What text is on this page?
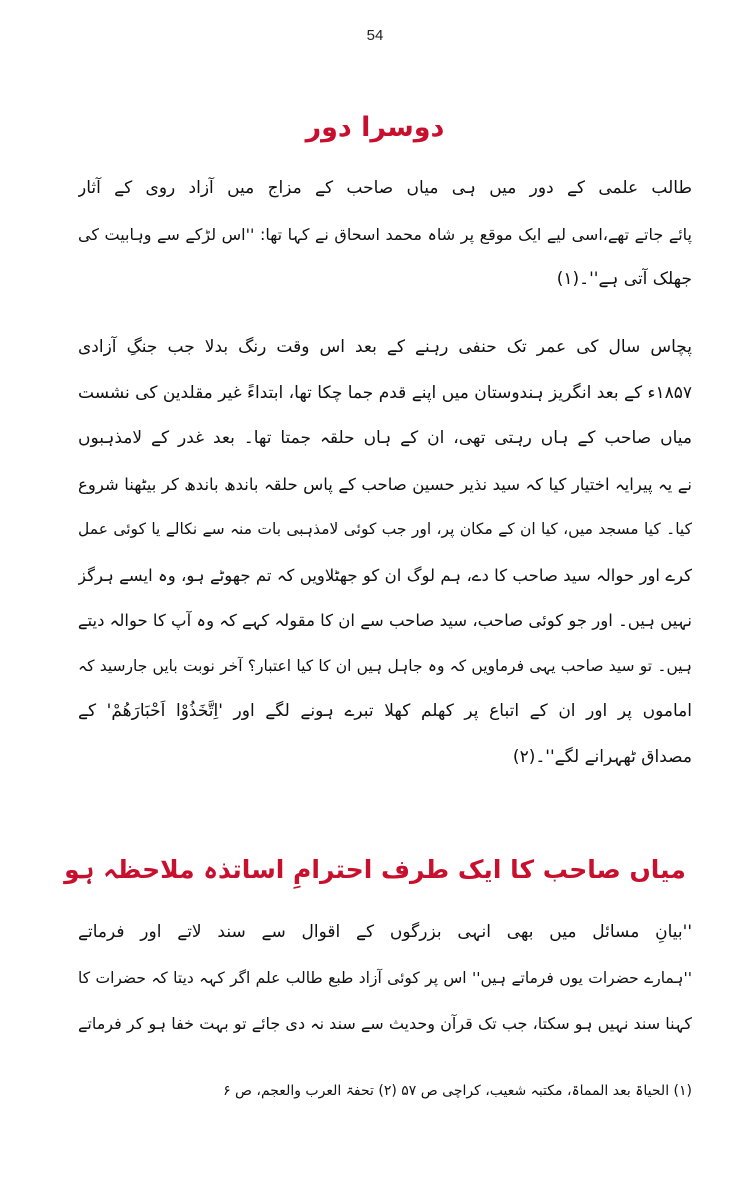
54
دوسرا دور
طالب علمی کے دور میں ہی میاں صاحب کے مزاج میں آزاد روی کے آثار
پائے جاتے تھے،اسی لیے ایک موقع پر شاہ محمد اسحاق نے کہا تھا: ''اس لڑکے سے وہابیت کی
جھلک آتی ہے''۔(۱)
پچاس سال کی عمر تک حنفی رہنے کے بعد اس وقت رنگ بدلا جب جنگِ آزادی
۱۸۵۷ء کے بعد انگریز ہندوستان میں اپنے قدم جما چکا تھا، ابتداءً غیر مقلدین کی نشست
میاں صاحب کے ہاں رہتی تھی، ان کے ہاں حلقہ جمتا تھا۔ بعد غدر کے لامذہبوں
نے یہ پیرایہ اختیار کیا کہ سید نذیر حسین صاحب کے پاس حلقہ باندھ باندھ کر بیٹھنا شروع
کیا۔ کیا مسجد میں، کیا ان کے مکان پر، اور جب کوئی لامذہبی بات منہ سے نکالے یا کوئی عمل
کرے اور حوالہ سید صاحب کا دے، ہم لوگ ان کو جھٹلاویں کہ تم جھوٹے ہو، وہ ایسے ہرگز
نہیں ہیں۔ اور جو کوئی صاحب، سید صاحب سے ان کا مقولہ کہے کہ وہ آپ کا حوالہ دیتے
ہیں۔ تو سید صاحب یہی فرماویں کہ وہ جاہل ہیں ان کا کیا اعتبار؟ آخر نوبت بایں جارسید کہ
اماموں پر اور ان کے اتباع پر کھلم کھلا تبرے ہونے لگے اور 'اِتَّخَذُوْا اَحْبَارَهُمْ' کے
مصداق ٹھہرانے لگے''۔(۲)
میاں صاحب کا ایک طرف احترامِ اساتذہ ملاحظہ ہو
''بیانِ مسائل میں بھی انہی بزرگوں کے اقوال سے سند لاتے اور فرماتے
''ہمارے حضرات یوں فرماتے ہیں'' اس پر کوئی آزاد طبع طالب علم اگر کہہ دیتا کہ حضرات کا
کہنا سند نہیں ہو سکتا، جب تک قرآن وحدیث سے سند نہ دی جائے تو بہت خفا ہو کر فرماتے
(۱) الحیاۃ بعد المماۃ، مکتبہ شعیب، کراچی ص ۵۷ (۲) تحفۃ العرب والعجم، ص ۶
